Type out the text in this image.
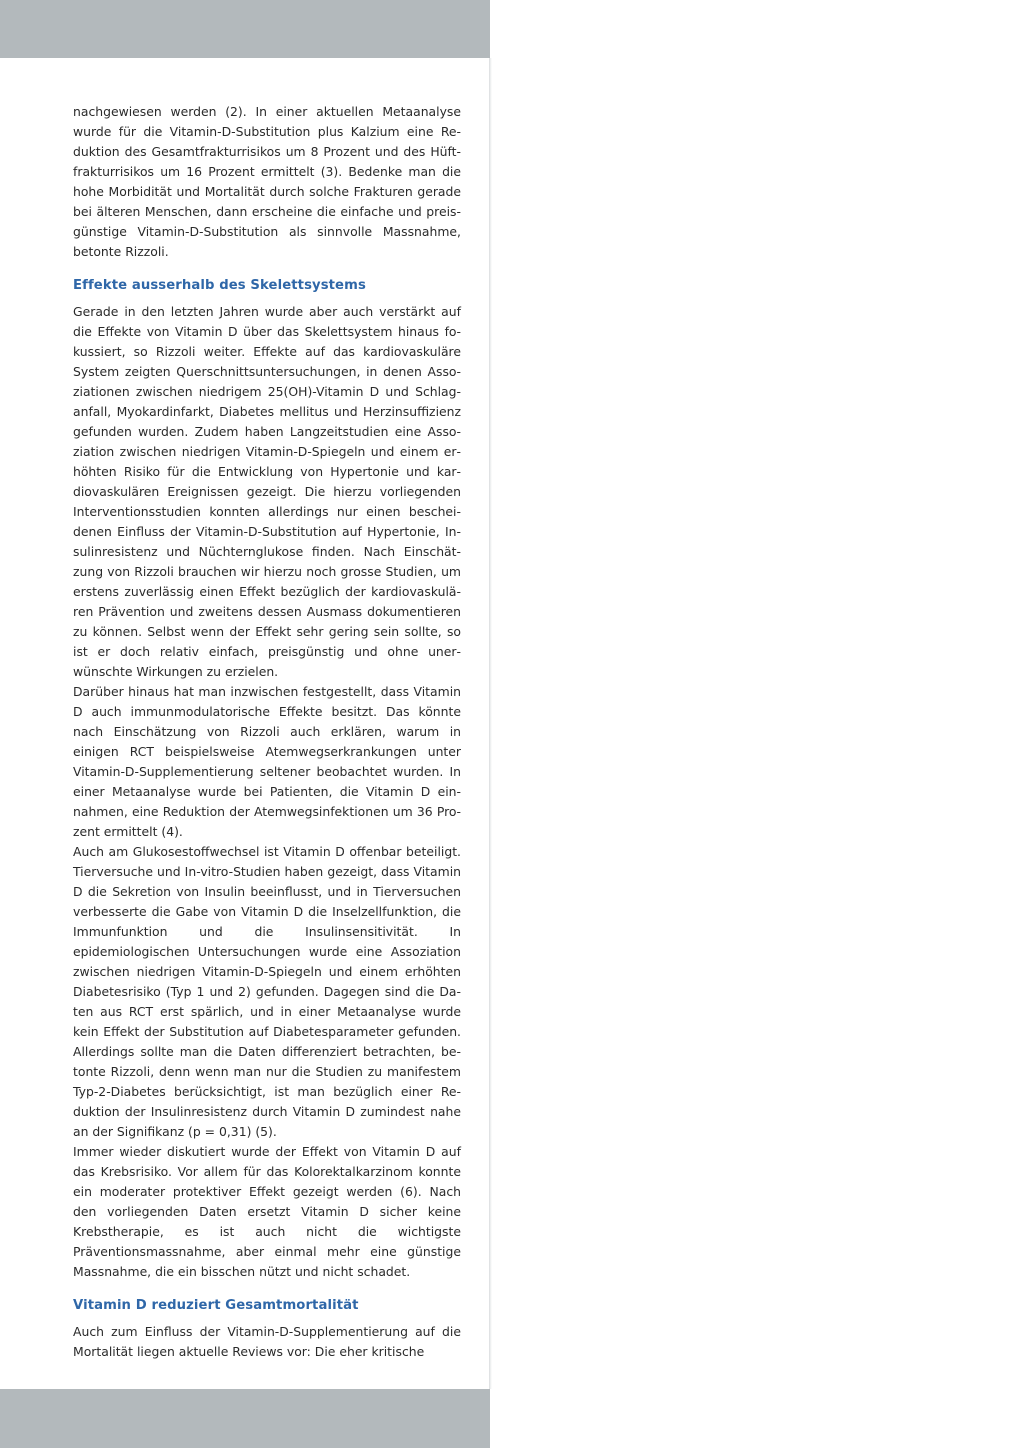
nachgewiesen werden (2). In einer aktuellen Metaanalyse wurde für die Vitamin-D-Substitution plus Kalzium eine Reduktion des Gesamtfrakturrisikos um 8 Prozent und des Hüftfrakturrisikos um 16 Prozent ermittelt (3). Bedenke man die hohe Morbidität und Mortalität durch solche Frakturen gerade bei älteren Menschen, dann erscheine die einfache und preisgünstige Vitamin-D-Substitution als sinnvolle Massnahme, betonte Rizzoli.

Effekte ausserhalb des Skelettsystems

Gerade in den letzten Jahren wurde aber auch verstärkt auf die Effekte von Vitamin D über das Skelettsystem hinaus fokussiert, so Rizzoli weiter. Effekte auf das kardiovaskuläre System zeigten Querschnittsuntersuchungen, in denen Assoziationen zwischen niedrigem 25(OH)-Vitamin D und Schlaganfall, Myokardinfarkt, Diabetes mellitus und Herzinsuffizienz gefunden wurden. Zudem haben Langzeitstudien eine Assoziation zwischen niedrigen Vitamin-D-Spiegeln und einem erhöhten Risiko für die Entwicklung von Hypertonie und kardiovaskulären Ereignissen gezeigt. Die hierzu vorliegenden Interventionsstudien konnten allerdings nur einen bescheidenen Einfluss der Vitamin-D-Substitution auf Hypertonie, Insulinresistenz und Nüchternglukose finden. Nach Einschätzung von Rizzoli brauchen wir hierzu noch grosse Studien, um erstens zuverlässig einen Effekt bezüglich der kardiovaskulären Prävention und zweitens dessen Ausmass dokumentieren zu können. Selbst wenn der Effekt sehr gering sein sollte, so ist er doch relativ einfach, preisgünstig und ohne unerwünschte Wirkungen zu erzielen.

Darüber hinaus hat man inzwischen festgestellt, dass Vitamin D auch immunmodulatorische Effekte besitzt. Das könnte nach Einschätzung von Rizzoli auch erklären, warum in einigen RCT beispielsweise Atemwegserkrankungen unter Vitamin-D-Supplementierung seltener beobachtet wurden. In einer Metaanalyse wurde bei Patienten, die Vitamin D einnahmen, eine Reduktion der Atemwegsinfektionen um 36 Prozent ermittelt (4).

Auch am Glukosestoffwechsel ist Vitamin D offenbar beteiligt. Tierversuche und In-vitro-Studien haben gezeigt, dass Vitamin D die Sekretion von Insulin beeinflusst, und in Tierversuchen verbesserte die Gabe von Vitamin D die Inselzellfunktion, die Immunfunktion und die Insulinsensitivität. In epidemiologischen Untersuchungen wurde eine Assoziation zwischen niedrigen Vitamin-D-Spiegeln und einem erhöhten Diabetesrisiko (Typ 1 und 2) gefunden. Dagegen sind die Daten aus RCT erst spärlich, und in einer Metaanalyse wurde kein Effekt der Substitution auf Diabetesparameter gefunden. Allerdings sollte man die Daten differenziert betrachten, betonte Rizzoli, denn wenn man nur die Studien zu manifestem Typ-2-Diabetes berücksichtigt, ist man bezüglich einer Reduktion der Insulinresistenz durch Vitamin D zumindest nahe an der Signifikanz (p = 0,31) (5).

Immer wieder diskutiert wurde der Effekt von Vitamin D auf das Krebsrisiko. Vor allem für das Kolorektalkarzinom konnte ein moderater protektiver Effekt gezeigt werden (6). Nach den vorliegenden Daten ersetzt Vitamin D sicher keine Krebstherapie, es ist auch nicht die wichtigste Präventionsmassnahme, aber einmal mehr eine günstige Massnahme, die ein bisschen nützt und nicht schadet.

Vitamin D reduziert Gesamtmortalität

Auch zum Einfluss der Vitamin-D-Supplementierung auf die Mortalität liegen aktuelle Reviews vor: Die eher kritische
